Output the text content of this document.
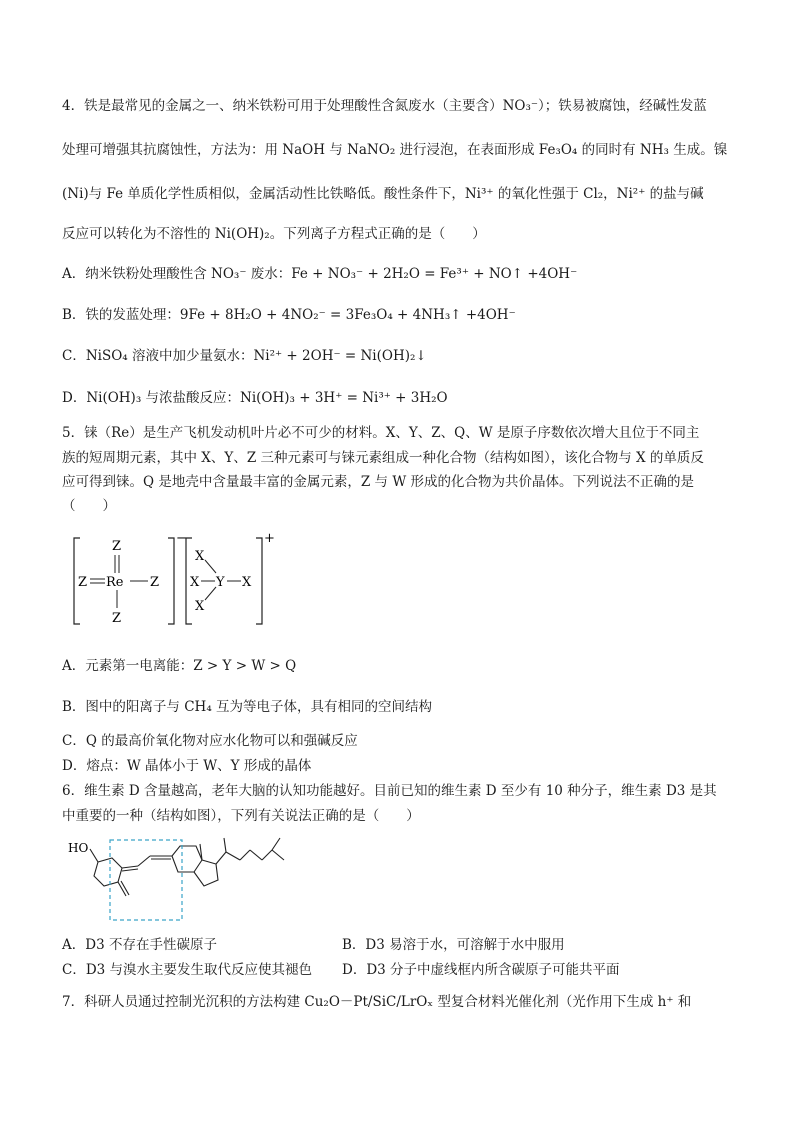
4．铁是最常见的金属之一、纳米铁粉可用于处理酸性含氮废水（主要含）NO₃⁻）；铁易被腐蚀，经碱性发蓝
处理可增强其抗腐蚀性，方法为：用 NaOH 与 NaNO₂ 进行浸泡，在表面形成 Fe₃O₄ 的同时有 NH₃ 生成。镍
(Ni)与 Fe 单质化学性质相似，金属活动性比铁略低。酸性条件下，Ni³⁺ 的氧化性强于 Cl₂，Ni²⁺ 的盐与碱
反应可以转化为不溶性的 Ni(OH)₂。下列离子方程式正确的是（　　）
A．纳米铁粉处理酸性含 NO₃⁻ 废水：Fe + NO₃⁻ + 2H₂O = Fe³⁺ + NO↑ +4OH⁻
B．铁的发蓝处理：9Fe + 8H₂O + 4NO₂⁻ = 3Fe₃O₄ + 4NH₃↑ +4OH⁻
C．NiSO₄ 溶液中加少量氨水：Ni²⁺ + 2OH⁻ = Ni(OH)₂↓
D．Ni(OH)₃ 与浓盐酸反应：Ni(OH)₃ + 3H⁺ = Ni³⁺ + 3H₂O
5．铼（Re）是生产飞机发动机叶片必不可少的材料。X、Y、Z、Q、W 是原子序数依次增大且位于不同主
族的短周期元素，其中 X、Y、Z 三种元素可与铼元素组成一种化合物（结构如图），该化合物与 X 的单质反
应可得到铼。Q 是地壳中含量最丰富的金属元素，Z 与 W 形成的化合物为共价晶体。下列说法不正确的是
（　　）
−
Z
Re
Z	Z
Z
+
X
Y
X	X
X
A．元素第一电离能：Z > Y > W > Q
B．图中的阳离子与 CH₄ 互为等电子体，具有相同的空间结构
C．Q 的最高价氧化物对应水化物可以和强碱反应
D．熔点：W 晶体小于 W、Y 形成的晶体
6．维生素 D 含量越高，老年大脑的认知功能越好。目前已知的维生素 D 至少有 10 种分子，维生素 D3 是其
中重要的一种（结构如图），下列有关说法正确的是（　　）
HO
A．D3 不存在手性碳原子	B．D3 易溶于水，可溶解于水中服用
C．D3 与溴水主要发生取代反应使其褪色 D．D3 分子中虚线框内所含碳原子可能共平面
7．科研人员通过控制光沉积的方法构建 Cu₂O－Pt/SiC/LrOₓ 型复合材料光催化剂（光作用下生成 h⁺ 和
